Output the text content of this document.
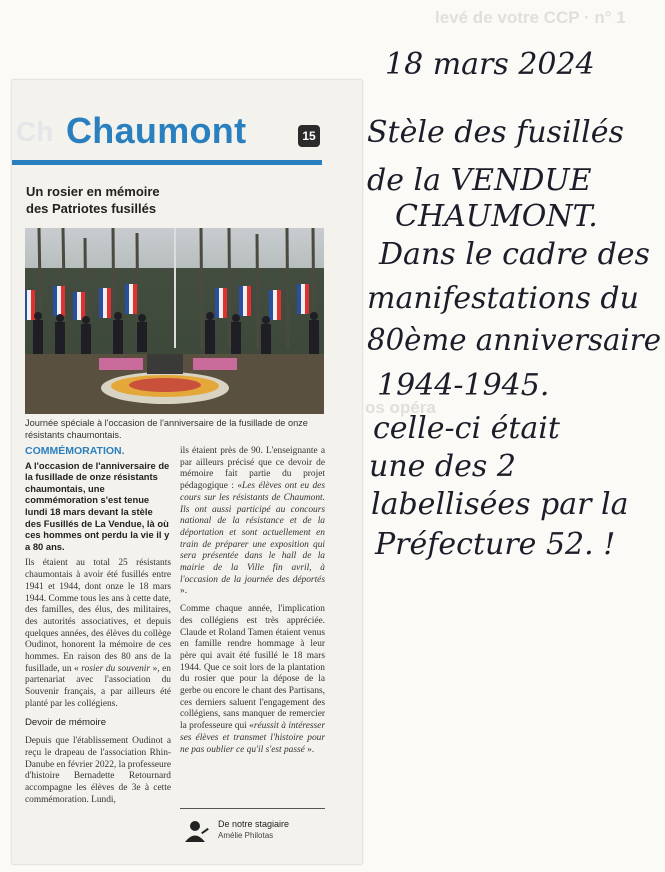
levé de votre CCP · n° 1
os opéra
Ch Chaumont	15
Un rosier en mémoire
des Patriotes fusillés
Journée spéciale à l'occasion de l'anniversaire de la fusillade de onze résistants chaumontais.
COMMÉMORATION.
A l'occasion de l'anniversaire de la fusillade de onze résistants chaumontais, une commémoration s'est tenue lundi 18 mars devant la stèle des Fusillés de La Vendue, là où ces hommes ont perdu la vie il y a 80 ans.
Ils étaient au total 25 résistants chaumontais à avoir été fusillés entre 1941 et 1944, dont onze le 18 mars 1944. Comme tous les ans à cette date, des familles, des élus, des militaires, des autorités associatives, et depuis quelques années, des élèves du collège Oudinot, honorent la mémoire de ces hommes. En raison des 80 ans de la fusillade, un « rosier du souvenir », en partenariat avec l'association du Souvenir français, a par ailleurs été planté par les collégiens.
Devoir de mémoire
Depuis que l'établissement Oudinot a reçu le drapeau de l'association Rhin-Danube en février 2022, la professeure d'histoire Bernadette Retournard accompagne les élèves de 3e à cette commémoration. Lundi,
ils étaient près de 90. L'enseignante a par ailleurs précisé que ce devoir de mémoire fait partie du projet pédagogique : «Les élèves ont eu des cours sur les résistants de Chaumont. Ils ont aussi participé au concours national de la résistance et de la déportation et sont actuellement en train de préparer une exposition qui sera présentée dans le hall de la mairie de la Ville fin avril, à l'occasion de la journée des déportés ».
Comme chaque année, l'implication des collégiens est très appréciée. Claude et Roland Tamen étaient venus en famille rendre hommage à leur père qui avait été fusillé le 18 mars 1944. Que ce soit lors de la plantation du rosier que pour la dépose de la gerbe ou encore le chant des Partisans, ces derniers saluent l'engagement des collégiens, sans manquer de remercier la professeure qui «réussit à intéresser ses élèves et transmet l'histoire pour ne pas oublier ce qu'il s'est passé ».
De notre stagiaire
Amélie Philotas
18 mars 2024
Stèle des fusillés
de la VENDUE
CHAUMONT.
Dans le cadre des
manifestations du
80ème anniversaire
1944-1945.
celle-ci était
une des 2
labellisées par la
Préfecture 52. !
